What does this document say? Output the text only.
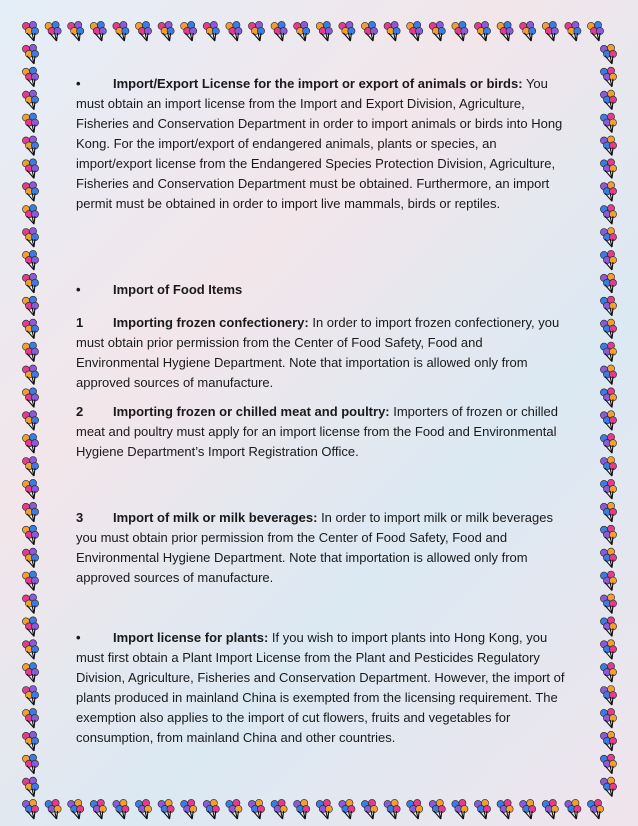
• Import/Export License for the import or export of animals or birds: You must obtain an import license from the Import and Export Division, Agriculture, Fisheries and Conservation Department in order to import animals or birds into Hong Kong. For the import/export of endangered animals, plants or species, an import/export license from the Endangered Species Protection Division, Agriculture, Fisheries and Conservation Department must be obtained. Furthermore, an import permit must be obtained in order to import live mammals, birds or reptiles.

• Import of Food Items

1 Importing frozen confectionery: In order to import frozen confectionery, you must obtain prior permission from the Center of Food Safety, Food and Environmental Hygiene Department. Note that importation is allowed only from approved sources of manufacture.

2 Importing frozen or chilled meat and poultry: Importers of frozen or chilled meat and poultry must apply for an import license from the Food and Environmental Hygiene Department’s Import Registration Office.

3 Import of milk or milk beverages: In order to import milk or milk beverages you must obtain prior permission from the Center of Food Safety, Food and Environmental Hygiene Department. Note that importation is allowed only from approved sources of manufacture.

• Import license for plants: If you wish to import plants into Hong Kong, you must first obtain a Plant Import License from the Plant and Pesticides Regulatory Division, Agriculture, Fisheries and Conservation Department. However, the import of plants produced in mainland China is exempted from the licensing requirement. The exemption also applies to the import of cut flowers, fruits and vegetables for consumption, from mainland China and other countries.
